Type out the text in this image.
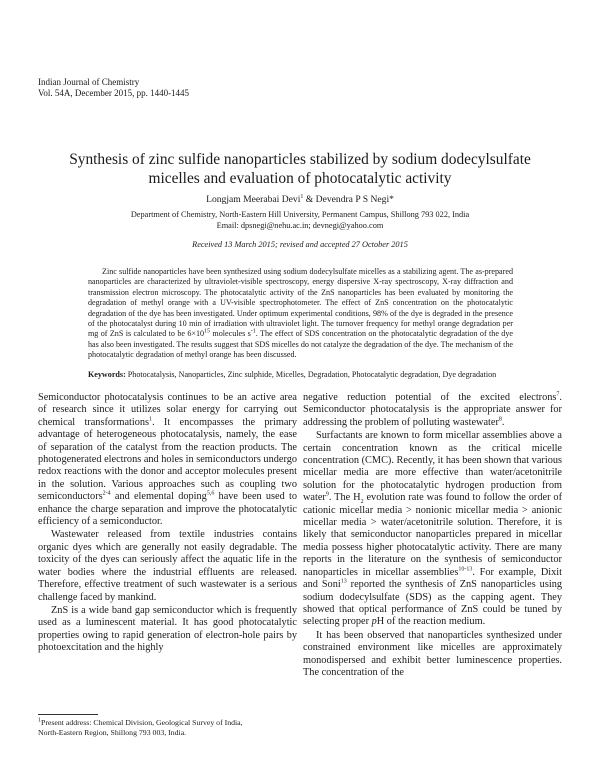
Indian Journal of Chemistry
Vol. 54A, December 2015, pp. 1440-1445
Synthesis of zinc sulfide nanoparticles stabilized by sodium dodecylsulfate
micelles and evaluation of photocatalytic activity
Longjam Meerabai Devi$^1$ & Devendra P S Negi*
Department of Chemistry, North-Eastern Hill University, Permanent Campus, Shillong 793 022, India
Email: dpsnegi@nehu.ac.in; devnegi@yahoo.com
Received 13 March 2015; revised and accepted 27 October 2015
Zinc sulfide nanoparticles have been synthesized using sodium dodecylsulfate micelles as a stabilizing agent. The as-prepared nanoparticles are characterized by ultraviolet-visible spectroscopy, energy dispersive X-ray spectroscopy, X-ray diffraction and transmission electron microscopy. The photocatalytic activity of the ZnS nanoparticles has been evaluated by monitoring the degradation of methyl orange with a UV-visible spectrophotometer. The effect of ZnS concentration on the photocatalytic degradation of the dye has been investigated. Under optimum experimental conditions, 98% of the dye is degraded in the presence of the photocatalyst during 10 min of irradiation with ultraviolet light. The turnover frequency for methyl orange degradation per mg of ZnS is calculated to be $6\times 10^{15}$ molecules $s^{-1}$. The effect of SDS concentration on the photocatalytic degradation of the dye has also been investigated. The results suggest that SDS micelles do not catalyze the degradation of the dye. The mechanism of the photocatalytic degradation of methyl orange has been discussed.
Keywords: Photocatalysis, Nanoparticles, Zinc sulphide, Micelles, Degradation, Photocatalytic degradation, Dye degradation

Semiconductor photocatalysis continues to be an active area of research since it utilizes solar energy for carrying out chemical transformations$^1$. It encompasses the primary advantage of heterogeneous photocatalysis, namely, the ease of separation of the catalyst from the reaction products. The photogenerated electrons and holes in semiconductors undergo redox reactions with the donor and acceptor molecules present in the solution. Various approaches such as coupling two semiconductors$^{2-4}$ and elemental doping$^{5,6}$ have been used to enhance the charge separation and improve the photocatalytic efficiency of a semiconductor.

Wastewater released from textile industries contains organic dyes which are generally not easily degradable. The toxicity of the dyes can seriously affect the aquatic life in the water bodies where the industrial effluents are released. Therefore, effective treatment of such wastewater is a serious challenge faced by mankind.

ZnS is a wide band gap semiconductor which is frequently used as a luminescent material. It has good photocatalytic properties owing to rapid generation of electron-hole pairs by photoexcitation and the highly

negative reduction potential of the excited electrons$^7$. Semiconductor photocatalysis is the appropriate answer for addressing the problem of polluting wastewater$^8$.

Surfactants are known to form micellar assemblies above a certain concentration known as the critical micelle concentration (CMC). Recently, it has been shown that various micellar media are more effective than water/acetonitrile solution for the photocatalytic hydrogen production from water$^9$. The $H_2$ evolution rate was found to follow the order of cationic micellar media > nonionic micellar media > anionic micellar media > water/acetonitrile solution. Therefore, it is likely that semiconductor nanoparticles prepared in micellar media possess higher photocatalytic activity. There are many reports in the literature on the synthesis of semiconductor nanoparticles in micellar assemblies$^{10-13}$. For example, Dixit and Soni$^{13}$ reported the synthesis of ZnS nanoparticles using sodium dodecylsulfate (SDS) as the capping agent. They showed that optical performance of ZnS could be tuned by selecting proper pH of the reaction medium.

It has been observed that nanoparticles synthesized under constrained environment like micelles are approximately monodispersed and exhibit better luminescence properties. The concentration of the

$^1$Present address: Chemical Division, Geological Survey of India,
North-Eastern Region, Shillong 793 003, India.
